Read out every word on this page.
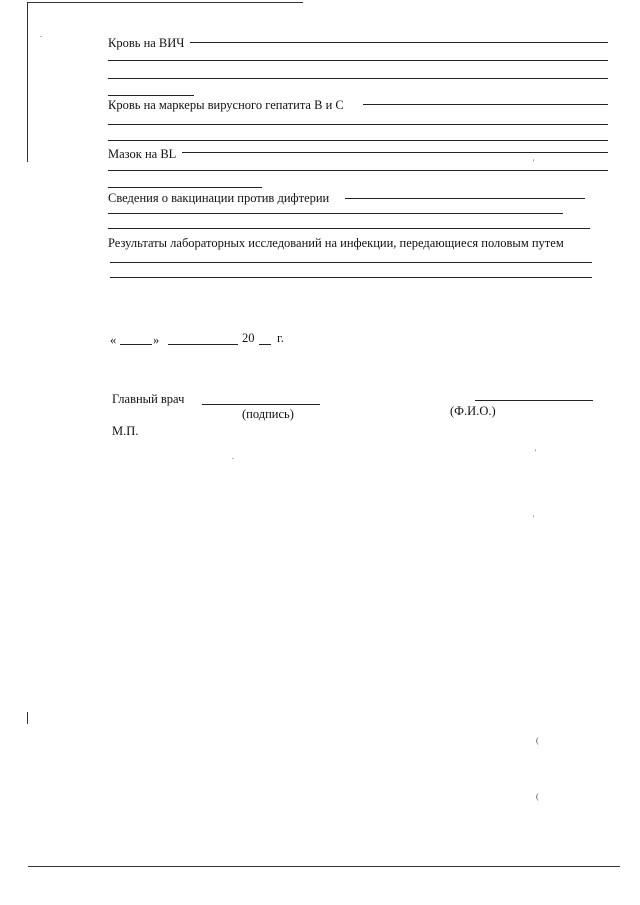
Кровь на ВИЧ
Кровь на маркеры вирусного гепатита В и С
Мазок на BL
Сведения о вакцинации против дифтерии
Результаты лабораторных исследований на инфекции, передающиеся половым путем
«	»	20 г.
Главный врач
(подпись)	(Ф.И.О.)
М.П.
'
'
'
(
(
.
.
